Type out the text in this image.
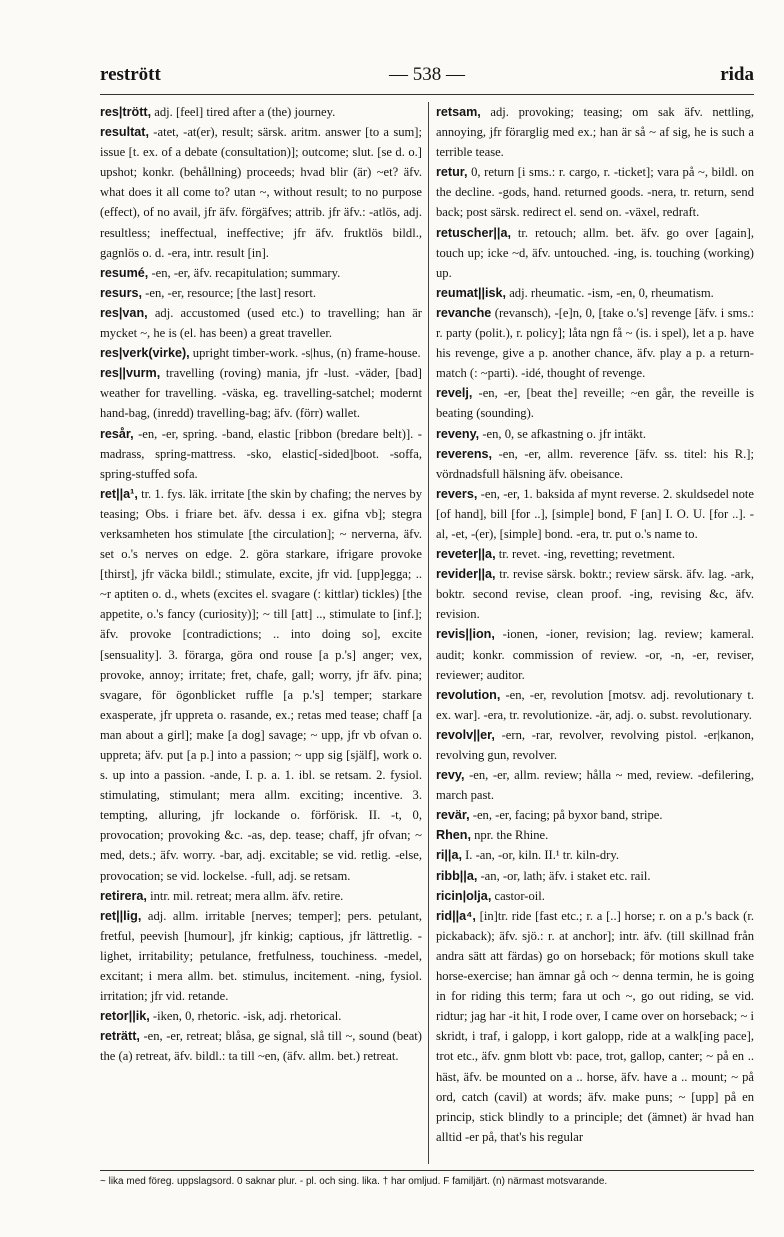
restrött	— 538 —	rida

res|trött, adj. [feel] tired after a (the) journey.

resultat, -atet, -at(er), result; särsk. aritm. answer [to a sum]; issue [t. ex. of a debate (consultation)]; outcome; slut. [se d. o.] upshot; konkr. (behållning) proceeds; hvad blir (är) ~et? äfv. what does it all come to? utan ~, without result; to no purpose (effect), of no avail, jfr äfv. förgäfves; attrib. jfr äfv.: -atlös, adj. resultless; ineffectual, ineffective; jfr äfv. fruktlös bildl., gagnlös o. d. -era, intr. result [in].

resumé, -en, -er, äfv. recapitulation; summary.

resurs, -en, -er, resource; [the last] resort.

res|van, adj. accustomed (used etc.) to travelling; han är mycket ~, he is (el. has been) a great traveller.

res|verk(virke), upright timber-work. -s|hus, (n) frame-house.

res||vurm, travelling (roving) mania, jfr -lust. -väder, [bad] weather for travelling. -väska, eg. travelling-satchel; modernt hand-bag, (inredd) travelling-bag; äfv. (förr) wallet.

resår, -en, -er, spring. -band, elastic [ribbon (bredare belt)]. -madrass, spring-mattress. -sko, elastic[-sided]boot. -soffa, spring-stuffed sofa.

ret||a¹, tr. 1. fys. läk. irritate [the skin by chafing; the nerves by teasing; Obs. i friare bet. äfv. dessa i ex. gifna vb]; stegra verksamheten hos stimulate [the circulation]; ~ nerverna, äfv. set o.'s nerves on edge. 2. göra starkare, ifrigare provoke [thirst], jfr väcka bildl.; stimulate, excite, jfr vid. [upp]egga; .. ~r aptiten o. d., whets (excites el. svagare (: kittlar) tickles) [the appetite, o.'s fancy (curiosity)]; ~ till [att] .., stimulate to [inf.]; äfv. provoke [contradictions; .. into doing so], excite [sensuality]. 3. förarga, göra ond rouse [a p.'s] anger; vex, provoke, annoy; irritate; fret, chafe, gall; worry, jfr äfv. pina; svagare, för ögonblicket ruffle [a p.'s] temper; starkare exasperate, jfr uppreta o. rasande, ex.; retas med tease; chaff [a man about a girl]; make [a dog] savage; ~ upp, jfr vb ofvan o. uppreta; äfv. put [a p.] into a passion; ~ upp sig [själf], work o. s. up into a passion. -ande, I. p. a. 1. ibl. se retsam. 2. fysiol. stimulating, stimulant; mera allm. exciting; incentive. 3. tempting, alluring, jfr lockande o. förförisk. II. -t, 0, provocation; provoking &c. -as, dep. tease; chaff, jfr ofvan; ~ med, dets.; äfv. worry. -bar, adj. excitable; se vid. retlig. -else, provocation; se vid. lockelse. -full, adj. se retsam.

retirera, intr. mil. retreat; mera allm. äfv. retire.

ret||lig, adj. allm. irritable [nerves; temper]; pers. petulant, fretful, peevish [humour], jfr kinkig; captious, jfr lättretlig. -lighet, irritability; petulance, fretfulness, touchiness. -medel, excitant; i mera allm. bet. stimulus, incitement. -ning, fysiol. irritation; jfr vid. retande.

retor||ik, -iken, 0, rhetoric. -isk, adj. rhetorical.

reträtt, -en, -er, retreat; blåsa, ge signal, slå till ~, sound (beat) the (a) retreat, äfv. bildl.: ta till ~en, (äfv. allm. bet.) retreat.

retsam, adj. provoking; teasing; om sak äfv. nettling, annoying, jfr förarglig med ex.; han är så ~ af sig, he is such a terrible tease.

retur, 0, return [i sms.: r. cargo, r. -ticket]; vara på ~, bildl. on the decline. -gods, hand. returned goods. -nera, tr. return, send back; post särsk. redirect el. send on. -växel, redraft.

retuscher||a, tr. retouch; allm. bet. äfv. go over [again], touch up; icke ~d, äfv. untouched. -ing, is. touching (working) up.

reumat||isk, adj. rheumatic. -ism, -en, 0, rheumatism.

revanche (revansch), -[e]n, 0, [take o.'s] revenge [äfv. i sms.: r. party (polit.), r. policy]; låta ngn få ~ (is. i spel), let a p. have his revenge, give a p. another chance, äfv. play a p. a return-match (: ~parti). -idé, thought of revenge.

revelj, -en, -er, [beat the] reveille; ~en går, the reveille is beating (sounding).

reveny, -en, 0, se afkastning o. jfr intäkt.

reverens, -en, -er, allm. reverence [äfv. ss. titel: his R.]; vördnadsfull hälsning äfv. obeisance.

revers, -en, -er, 1. baksida af mynt reverse. 2. skuldsedel note [of hand], bill [for ..], [simple] bond, F [an] I. O. U. [for ..]. -al, -et, -(er), [simple] bond. -era, tr. put o.'s name to.

reveter||a, tr. revet. -ing, revetting; revetment.

revider||a, tr. revise särsk. boktr.; review särsk. äfv. lag. -ark, boktr. second revise, clean proof. -ing, revising &c, äfv. revision.

revis||ion, -ionen, -ioner, revision; lag. review; kameral. audit; konkr. commission of review. -or, -n, -er, reviser, reviewer; auditor.

revolution, -en, -er, revolution [motsv. adj. revolutionary t. ex. war]. -era, tr. revolutionize. -är, adj. o. subst. revolutionary.

revolv||er, -ern, -rar, revolver, revolving pistol. -er|kanon, revolving gun, revolver.

revy, -en, -er, allm. review; hålla ~ med, review. -defilering, march past.

revär, -en, -er, facing; på byxor band, stripe.

Rhen, npr. the Rhine.

ri||a, I. -an, -or, kiln. II.¹ tr. kiln-dry.

ribb||a, -an, -or, lath; äfv. i staket etc. rail.

ricin|olja, castor-oil.

rid||a⁴, [in]tr. ride [fast etc.; r. a [..] horse; r. on a p.'s back (r. pickaback); äfv. sjö.: r. at anchor]; intr. äfv. (till skillnad från andra sätt att färdas) go on horseback; för motions skull take horse-exercise; han ämnar gå och ~ denna termin, he is going in for riding this term; fara ut och ~, go out riding, se vid. ridtur; jag har -it hit, I rode over, I came over on horseback; ~ i skridt, i traf, i galopp, i kort galopp, ride at a walk[ing pace], trot etc., äfv. gnm blott vb: pace, trot, gallop, canter; ~ på en .. häst, äfv. be mounted on a .. horse, äfv. have a .. mount; ~ på ord, catch (cavil) at words; äfv. make puns; ~ [upp] på en princip, stick blindly to a principle; det (ämnet) är hvad han alltid -er på, that's his regular

~ lika med föreg. uppslagsord. 0 saknar plur. - pl. och sing. lika. † har omljud. F familjärt. (n) närmast motsvarande.
